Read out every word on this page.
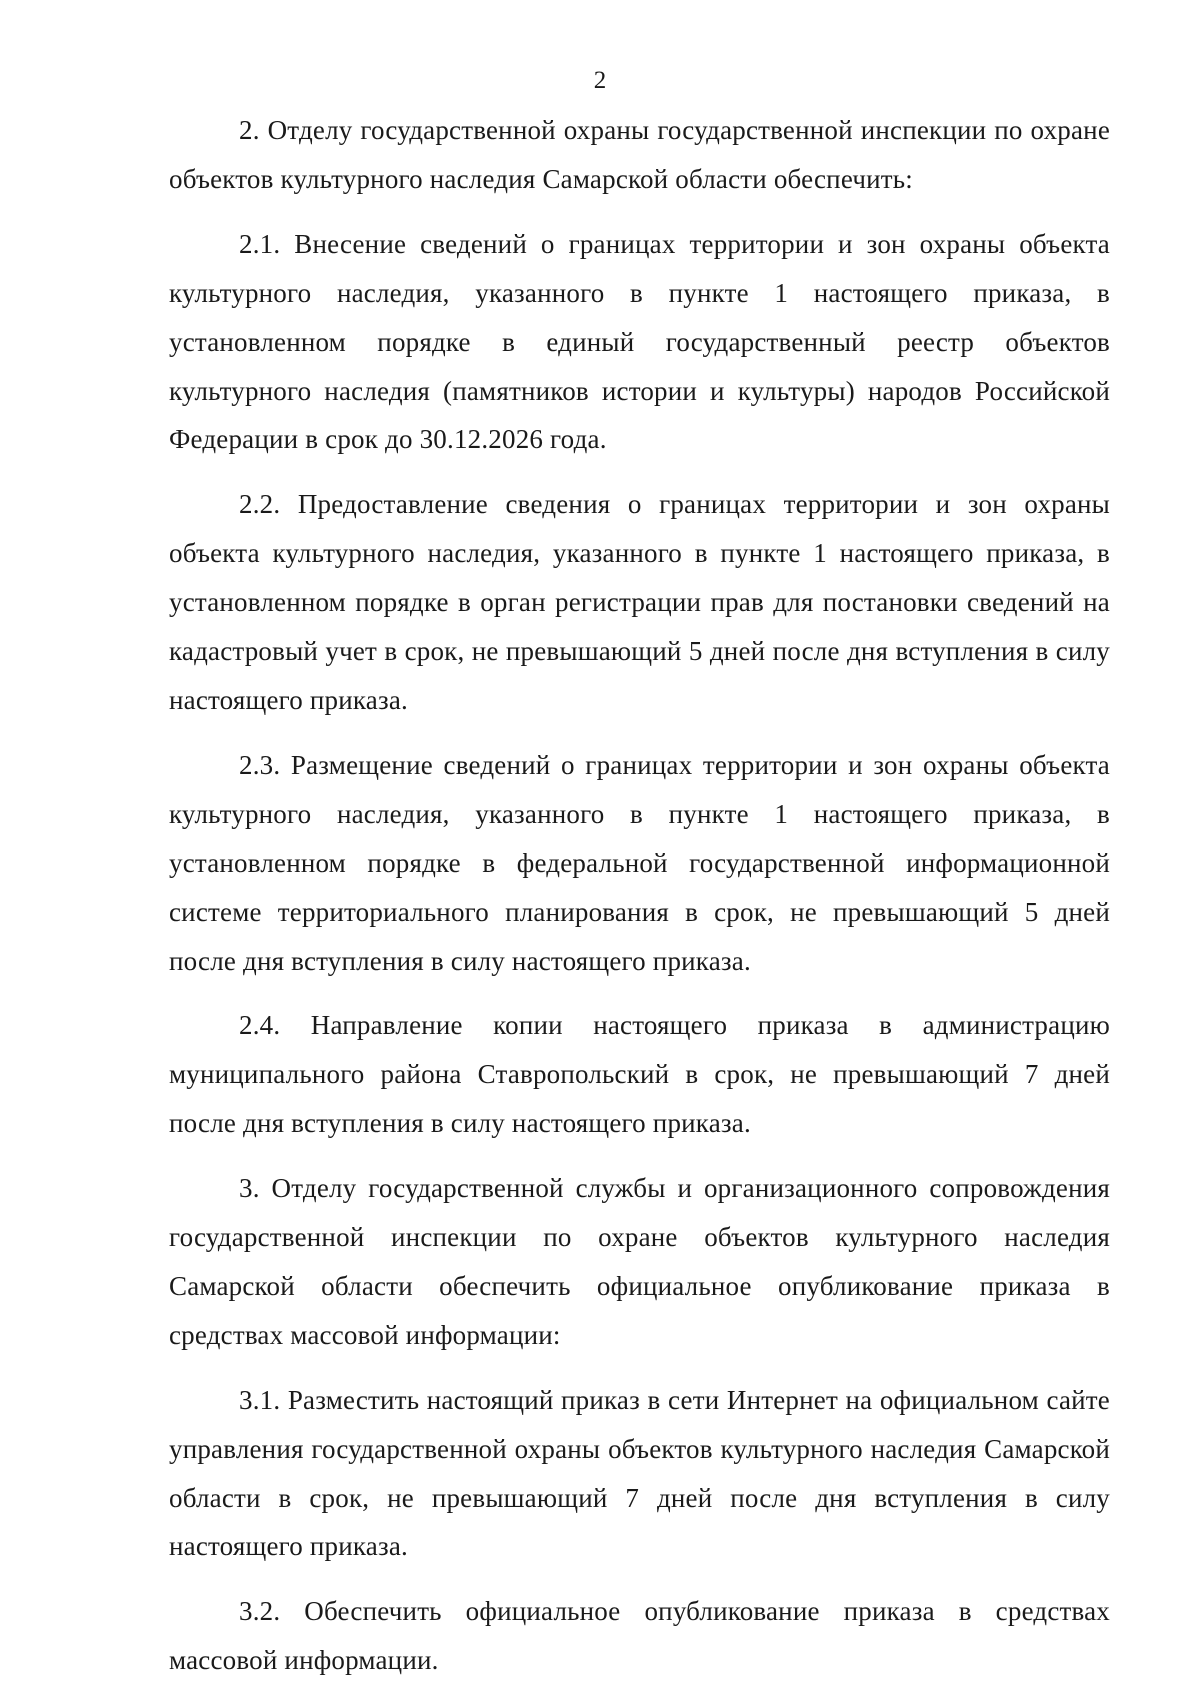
2

2. Отделу государственной охраны государственной инспекции по охране объектов культурного наследия Самарской области обеспечить:

2.1. Внесение сведений о границах территории и зон охраны объекта культурного наследия, указанного в пункте 1 настоящего приказа, в установленном порядке в единый государственный реестр объектов культурного наследия (памятников истории и культуры) народов Российской Федерации в срок до 30.12.2026 года.

2.2. Предоставление сведения о границах территории и зон охраны объекта культурного наследия, указанного в пункте 1 настоящего приказа, в установленном порядке в орган регистрации прав для постановки сведений на кадастровый учет в срок, не превышающий 5 дней после дня вступления в силу настоящего приказа.

2.3. Размещение сведений о границах территории и зон охраны объекта культурного наследия, указанного в пункте 1 настоящего приказа, в установленном порядке в федеральной государственной информационной системе территориального планирования в срок, не превышающий 5 дней после дня вступления в силу настоящего приказа.

2.4. Направление копии настоящего приказа в администрацию муниципального района Ставропольский в срок, не превышающий 7 дней после дня вступления в силу настоящего приказа.

3. Отделу государственной службы и организационного сопровождения государственной инспекции по охране объектов культурного наследия Самарской области обеспечить официальное опубликование приказа в средствах массовой информации:

3.1. Разместить настоящий приказ в сети Интернет на официальном сайте управления государственной охраны объектов культурного наследия Самарской области в срок, не превышающий 7 дней после дня вступления в силу настоящего приказа.

3.2. Обеспечить официальное опубликование приказа в средствах массовой информации.
